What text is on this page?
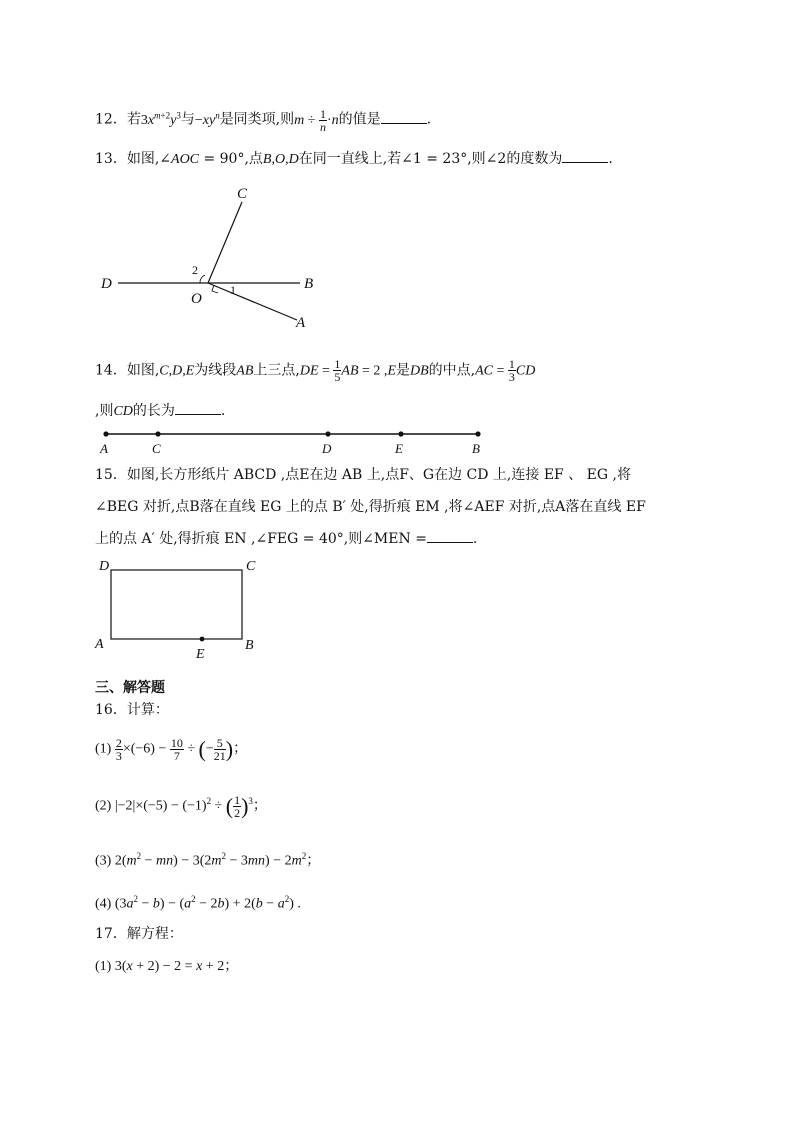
12．若$3x^{m+2}y^3$与$-xy^n$是同类项,则$m \div \frac{1}{n} \cdot n$的值是	.
13．如图,∠AOC = 90°,点B,O,D在同一直线上,若∠1 = 23°,则∠2的度数为	.
C
D
O
B
A
1
2
14．如图,C,D,E为线段AB上三点$,DE = \frac{1}{5}$ AB = 2 ,E是DB的中点$,AC = \frac{1}{3}$ CD
,则CD的长为	.
A	C	D	E	B
15．如图,长方形纸片 ABCD ,点E在边 AB 上,点F、G在边 CD 上,连接 EF 、 EG ,将
∠BEG 对折,点B落在直线 EG 上的点 B′ 处,得折痕 EM ,将∠AEF 对折,点A落在直线 EF
上的点 A′ 处,得折痕 EN ,∠FEG = 40°,则∠MEN =	.
D	C
A	B
E
三、解答题
16．计算：
$(1) \frac{2}{3} \times(-6) - \frac{10}{7}$ ÷ (− $\frac{5}{21}$ )；
(2) $|-2|\times(-5) - (-1)^2$ ÷ ( $\frac{1}{2} )^3$；
(3) $2(m^2 - mn) - 3(2m^2 - 3mn) - 2m^2$；
(4) $(3a^2 - b) - (a^2 - 2b) + 2(b - a^2)$ .
17．解方程：
(1) 3(x + 2) − 2 = x + 2；
